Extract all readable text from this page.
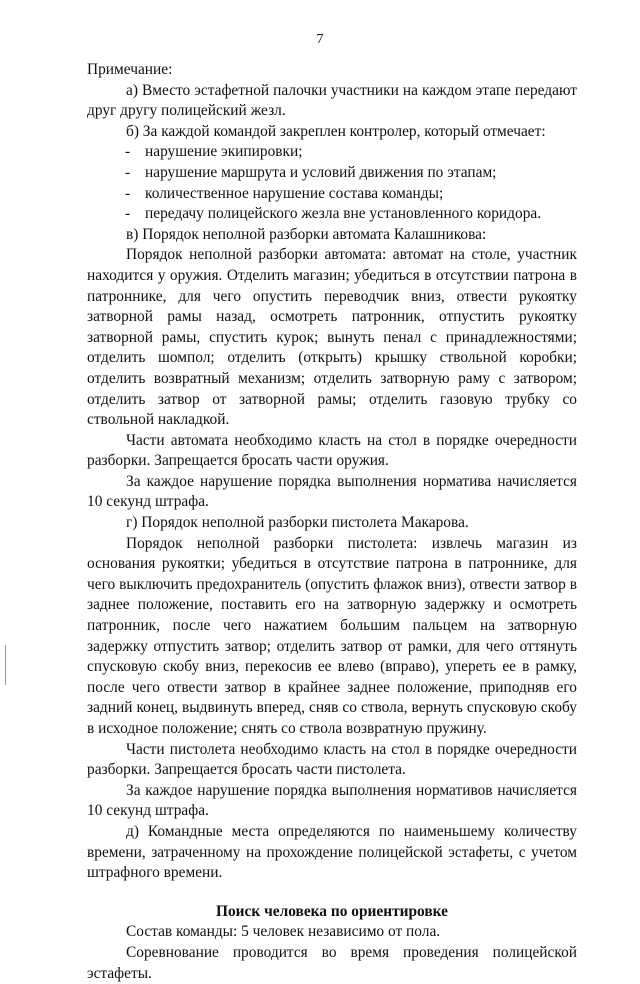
7

Примечание:

а) Вместо эстафетной палочки участники на каждом этапе передают друг другу полицейский жезл.

б) За каждой командой закреплен контролер, который отмечает:

- нарушение экипировки;

- нарушение маршрута и условий движения по этапам;

- количественное нарушение состава команды;

- передачу полицейского жезла вне установленного коридора.

в) Порядок неполной разборки автомата Калашникова:

Порядок неполной разборки автомата: автомат на столе, участник находится у оружия. Отделить магазин; убедиться в отсутствии патрона в патроннике, для чего опустить переводчик вниз, отвести рукоятку затворной рамы назад, осмотреть патронник, отпустить рукоятку затворной рамы, спустить курок; вынуть пенал с принадлежностями; отделить шомпол; отделить (открыть) крышку ствольной коробки; отделить возвратный механизм; отделить затворную раму с затвором; отделить затвор от затворной рамы; отделить газовую трубку со ствольной накладкой.

Части автомата необходимо класть на стол в порядке очередности разборки. Запрещается бросать части оружия.

За каждое нарушение порядка выполнения норматива начисляется 10 секунд штрафа.

г) Порядок неполной разборки пистолета Макарова.

Порядок неполной разборки пистолета: извлечь магазин из основания рукоятки; убедиться в отсутствие патрона в патроннике, для чего выключить предохранитель (опустить флажок вниз), отвести затвор в заднее положение, поставить его на затворную задержку и осмотреть патронник, после чего нажатием большим пальцем на затворную задержку отпустить затвор; отделить затвор от рамки, для чего оттянуть спусковую скобу вниз, перекосив ее влево (вправо), упереть ее в рамку, после чего отвести затвор в крайнее заднее положение, приподняв его задний конец, выдвинуть вперед, сняв со ствола, вернуть спусковую скобу в исходное положение; снять со ствола возвратную пружину.

Части пистолета необходимо класть на стол в порядке очередности разборки. Запрещается бросать части пистолета.

За каждое нарушение порядка выполнения нормативов начисляется 10 секунд штрафа.

д) Командные места определяются по наименьшему количеству времени, затраченному на прохождение полицейской эстафеты, с учетом штрафного времени.

Поиск человека по ориентировке

Состав команды: 5 человек независимо от пола.

Соревнование проводится во время проведения полицейской эстафеты.
